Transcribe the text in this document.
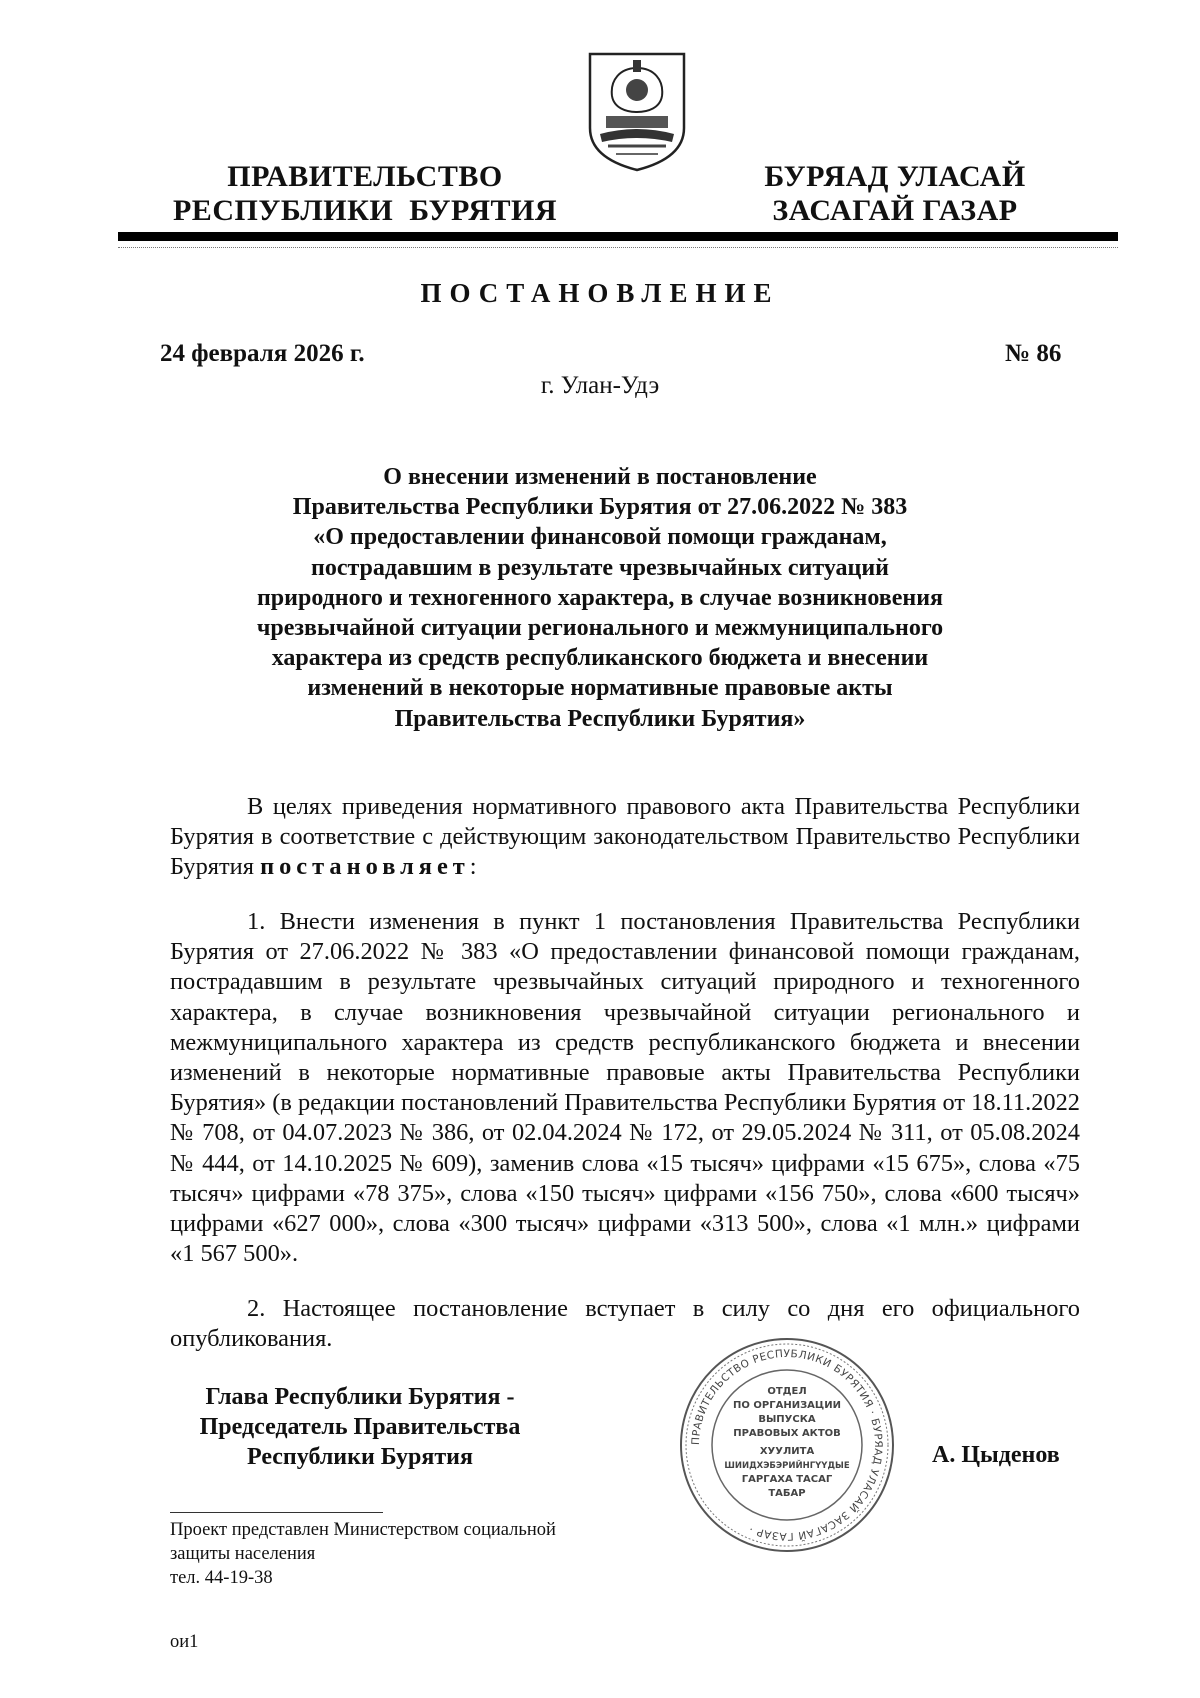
ПРАВИТЕЛЬСТВО
РЕСПУБЛИКИ  БУРЯТИЯ
БУРЯАД УЛАСАЙ
ЗАСАГАЙ ГАЗАР
ПОСТАНОВЛЕНИЕ
24 февраля 2026 г.	№ 86
г. Улан-Удэ
О внесении изменений в постановление
Правительства Республики Бурятия от 27.06.2022 № 383
«О предоставлении финансовой помощи гражданам,
пострадавшим в результате чрезвычайных ситуаций
природного и техногенного характера, в случае возникновения
чрезвычайной ситуации регионального и межмуниципального
характера из средств республиканского бюджета и внесении
изменений в некоторые нормативные правовые акты
Правительства Республики Бурятия»
В целях приведения нормативного правового акта Правительства Республики Бурятия в соответствие с действующим законодательством Правительство Республики Бурятия постановляет:
1. Внести изменения в пункт 1 постановления Правительства Республики Бурятия от 27.06.2022 № 383 «О предоставлении финансовой помощи гражданам, пострадавшим в результате чрезвычайных ситуаций природного и техногенного характера, в случае возникновения чрезвычайной ситуации регионального и межмуниципального характера из средств республиканского бюджета и внесении изменений в некоторые нормативные правовые акты Правительства Республики Бурятия» (в редакции постановлений Правительства Республики Бурятия от 18.11.2022 № 708, от 04.07.2023 № 386, от 02.04.2024 № 172, от 29.05.2024 № 311, от 05.08.2024 № 444, от 14.10.2025 № 609), заменив слова «15 тысяч» цифрами «15 675», слова «75 тысяч» цифрами «78 375», слова «150 тысяч» цифрами «156 750», слова «600 тысяч» цифрами «627 000», слова «300 тысяч» цифрами «313 500», слова «1 млн.» цифрами «1 567 500».
2. Настоящее постановление вступает в силу со дня его официального опубликования.
Глава Республики Бурятия -
Председатель Правительства
Республики Бурятия
ПРАВИТЕЛЬСТВО РЕСПУБЛИКИ БУРЯТИЯ · БУРЯАД УЛАСАЙ ЗАСАГАЙ ГАЗАР ·
ОТДЕЛ
ПО ОРГАНИЗАЦИИ
ВЫПУСКА
ПРАВОВЫХ АКТОВ
ХУУЛИТА
ШИИДХЭБЭРИЙНГҮҮДЫЕ
ГАРГАХА ТАСАГ
ТАБАР
А. Цыденов
Проект представлен Министерством социальной
защиты населения
тел. 44-19-38
ои1
